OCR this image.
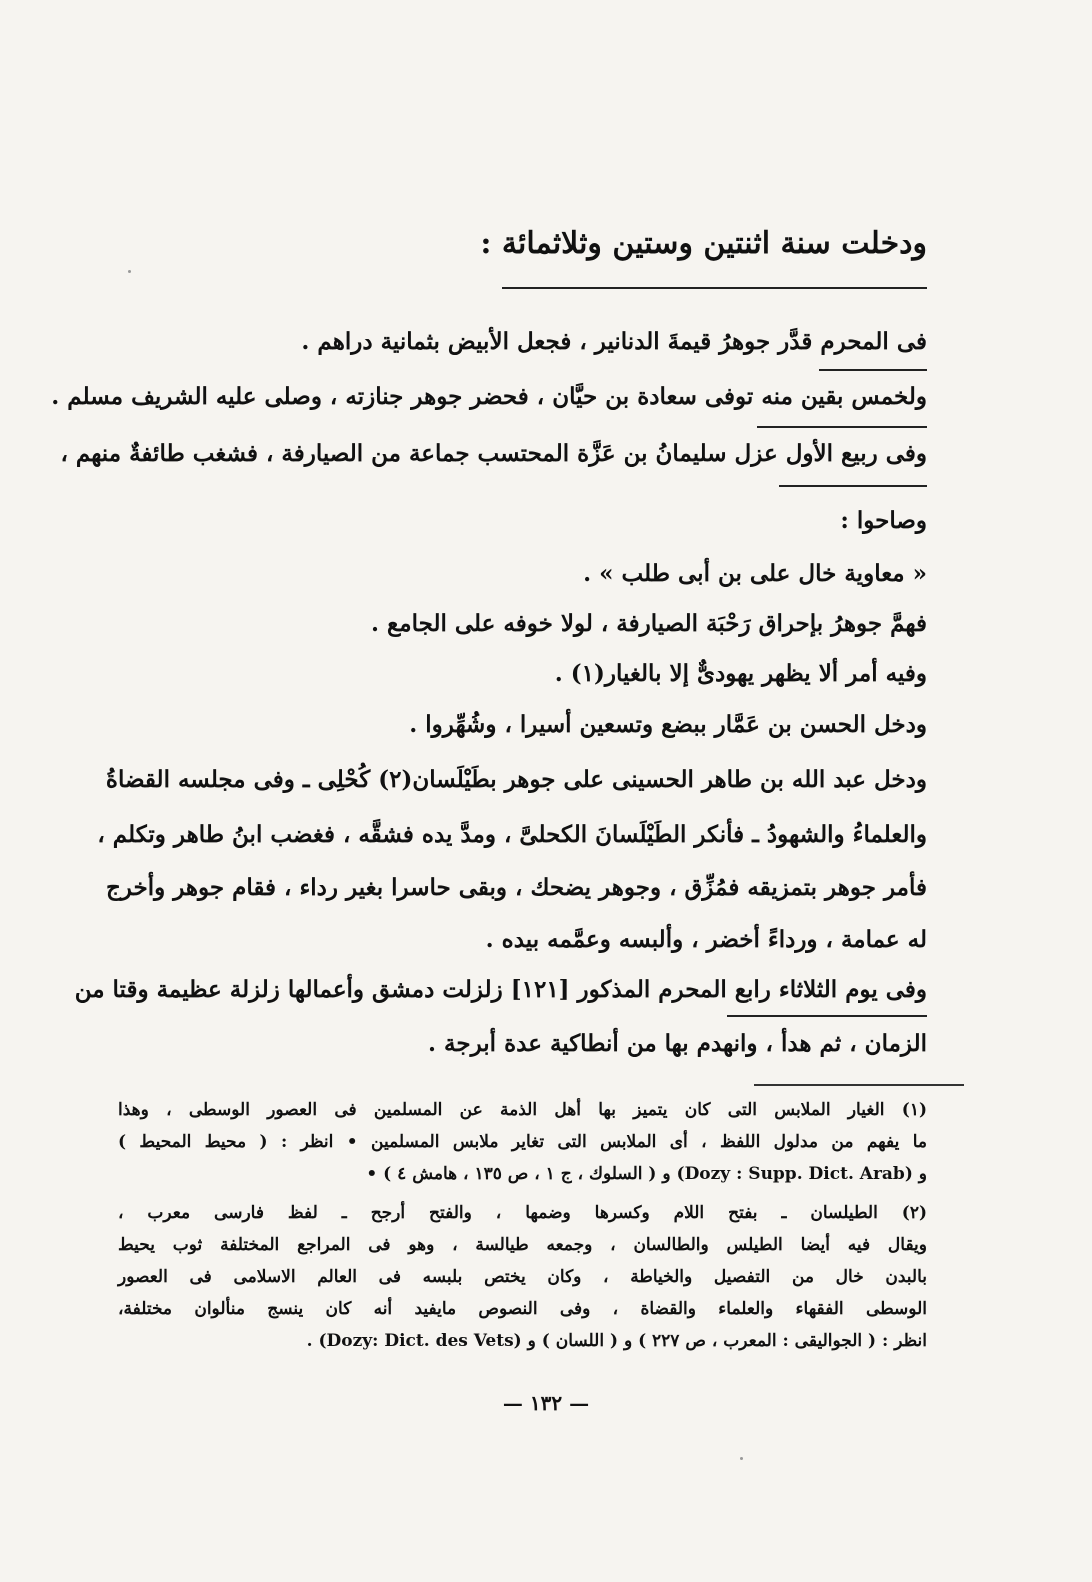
ودخلت سنة اثنتين وستين وثلاثمائة :
فى المحرم قدَّر جوهرُ قيمةَ الدنانير ، فجعل الأبيض بثمانية دراهم .
ولخمس بقين منه توفى سعادة بن حيَّان ، فحضر جوهر جنازته ، وصلى عليه الشريف مسلم .
وفى ربيع الأول عزل سليمانُ بن عَزَّة المحتسب جماعة من الصيارفة ، فشغب طائفةٌ منهم ،
وصاحوا :
« معاوية خال على بن أبى طلب » .
فهمَّ جوهرُ بإحراق رَحْبَة الصيارفة ، لولا خوفه على الجامع .
وفيه أمر ألا يظهر يهودىٌّ إلا بالغيار(١) .
ودخل الحسن بن عَمَّار ببضع وتسعين أسيرا ، وشُهِّروا .
ودخل عبد الله بن طاهر الحسينى على جوهر بطَيْلَسان(٢) كُحْلِى ـ وفى مجلسه القضاةُ
والعلماءُ والشهودُ ـ فأنكر الطَيْلَسانَ الكحلىَّ ، ومدَّ يده فشقَّه ، فغضب ابنُ طاهر وتكلم ،
فأمر جوهر بتمزيقه فمُزِّق ، وجوهر يضحك ، وبقى حاسرا بغير رداء ، فقام جوهر وأخرج
له عمامة ، ورداءً أخضر ، وألبسه وعمَّمه بيده .
وفى يوم الثلاثاء رابع المحرم المذكور [١٢١] زلزلت دمشق وأعمالها زلزلة عظيمة وقتا من
الزمان ، ثم هدأ ، وانهدم بها من أنطاكية عدة أبرجة .
(١) الغيار الملابس التى كان يتميز بها أهل الذمة عن المسلمين فى العصور الوسطى ، وهذا
ما يفهم من مدلول اللفظ ، أى الملابس التى تغاير ملابس المسلمين • انظر : ( محيط المحيط )
و (Dozy : Supp. Dict. Arab) و ( السلوك ، ج ١ ، ص ١٣٥ ، هامش ٤ ) •
(٢) الطيلسان ـ بفتح اللام وكسرها وضمها ، والفتح أرجح ـ لفظ فارسى معرب ،
ويقال فيه أيضا الطيلس والطالسان ، وجمعه طيالسة ، وهو فى المراجع المختلفة ثوب يحيط
بالبدن خال من التفصيل والخياطة ، وكان يختص بلبسه فى العالم الاسلامى فى العصور
الوسطى الفقهاء والعلماء والقضاة ، وفى النصوص مايفيد أنه كان ينسج منألوان مختلفة،
انظر : ( الجواليقى : المعرب ، ص ٢٢٧ ) و ( اللسان ) و (Dozy: Dict. des Vets) .
— ١٣٢ —
